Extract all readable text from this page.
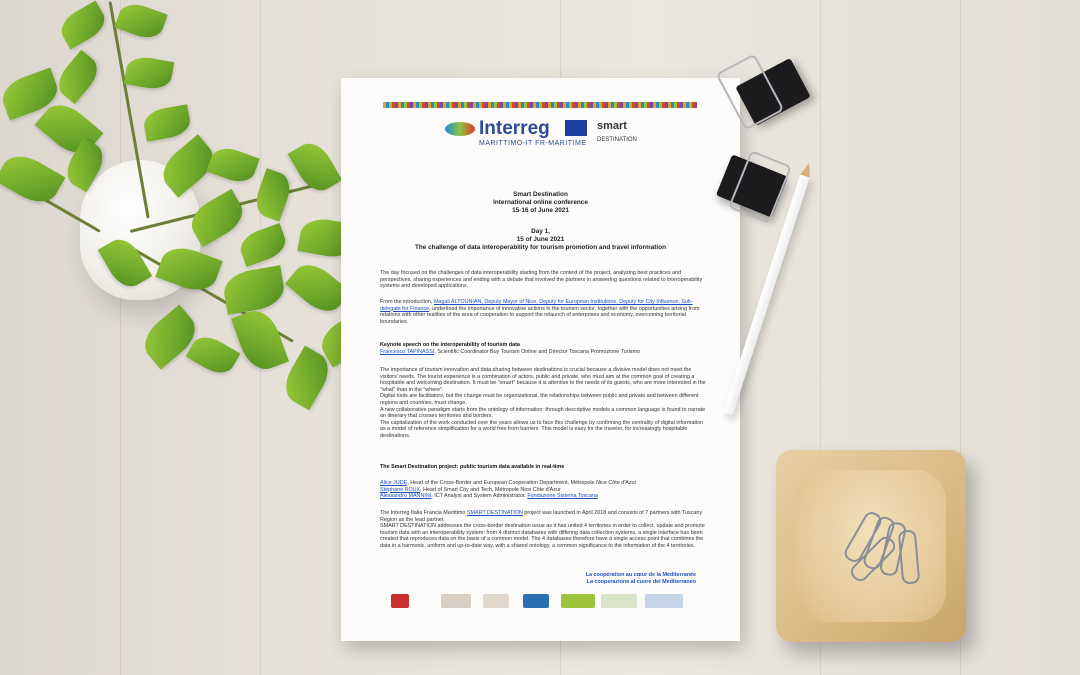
Interreg
MARITTIMO-IT FR-MARITIME
smart
DESTINATION
Smart Destination
International online conference
15-16 of June 2021
Day 1,
15 of June 2021
The challenge of data interoperability for tourism promotion and travel information
The day focused on the challenges of data interoperability starting from the context of the project, analyzing best practices and perspectives, sharing experiences and ending with a debate that involved the partners in answering questions related to interoperability systems and developed applications.
From the introduction, Magali ALTOUNIAN, Deputy Mayor of Nice, Deputy for European Institutions, Deputy for City Influence, Sub-delegate for Finance, underlined the importance of innovative actions in the tourism sector, together with the opportunities arising from relations with other realities of the area of cooperation to support the relaunch of enterprises and economy, overcoming territorial boundaries.
Keynote speech on the interoperability of tourism data
Francesco TAPINASSI, Scientific Coordinator Buy Tourism Online and Director Toscana Promozione Turismo
The importance of tourism innovation and data sharing between destinations is crucial because a divisive model does not meet the visitors' needs. The tourist experience is a combination of actors, public and private, who must aim at the common goal of creating a hospitable and welcoming destination. It must be "smart" because it is attentive to the needs of its guests, who are more interested in the "what" than in the "where".
Digital tools are facilitators, but the change must be organizational, the relationships between public and private and between different regions and countries, must change.
A new collaborative paradigm starts from the ontology of information: through descriptive models a common language is found to narrate an itinerary that crosses territories and borders.
The capitalization of the work conducted over the years allows us to face this challenge by confirming the centrality of digital information as a model of reference simplification for a world free from barriers. This model is easy for the traveler, for increasingly hospitable destinations.
The Smart Destination project: public tourism data available in real-time
Alice JUDE, Head of the Cross-Border and European Cooperation Department, Métropole Nice Côte d'Azur
Stéphane ROUX, Head of Smart City and Tech, Métropole Nice Côte d'Azur
Alessandro MANNINI, ICT Analyst and System Administrator, Fondazione Sistema Toscana
The Interreg Italia Francia Marittimo SMART DESTINATION project was launched in April 2018 and consists of 7 partners with Tuscany Region as the lead partner.
SMART DESTINATION addresses the cross-border destination issue as it has united 4 territories in order to collect, update and promote tourism data with an interoperability system: from 4 distinct databases with differing data collection systems, a single interface has been created that reproduces data on the basis of a common model. The 4 databases therefore have a single access point that combines the data in a harmonic, uniform and up-to-date way, with a shared ontology, a common significance to the information of the 4 territories.
La coopération au cœur de la Méditerranée
La cooperazione al cuore del Mediterraneo
